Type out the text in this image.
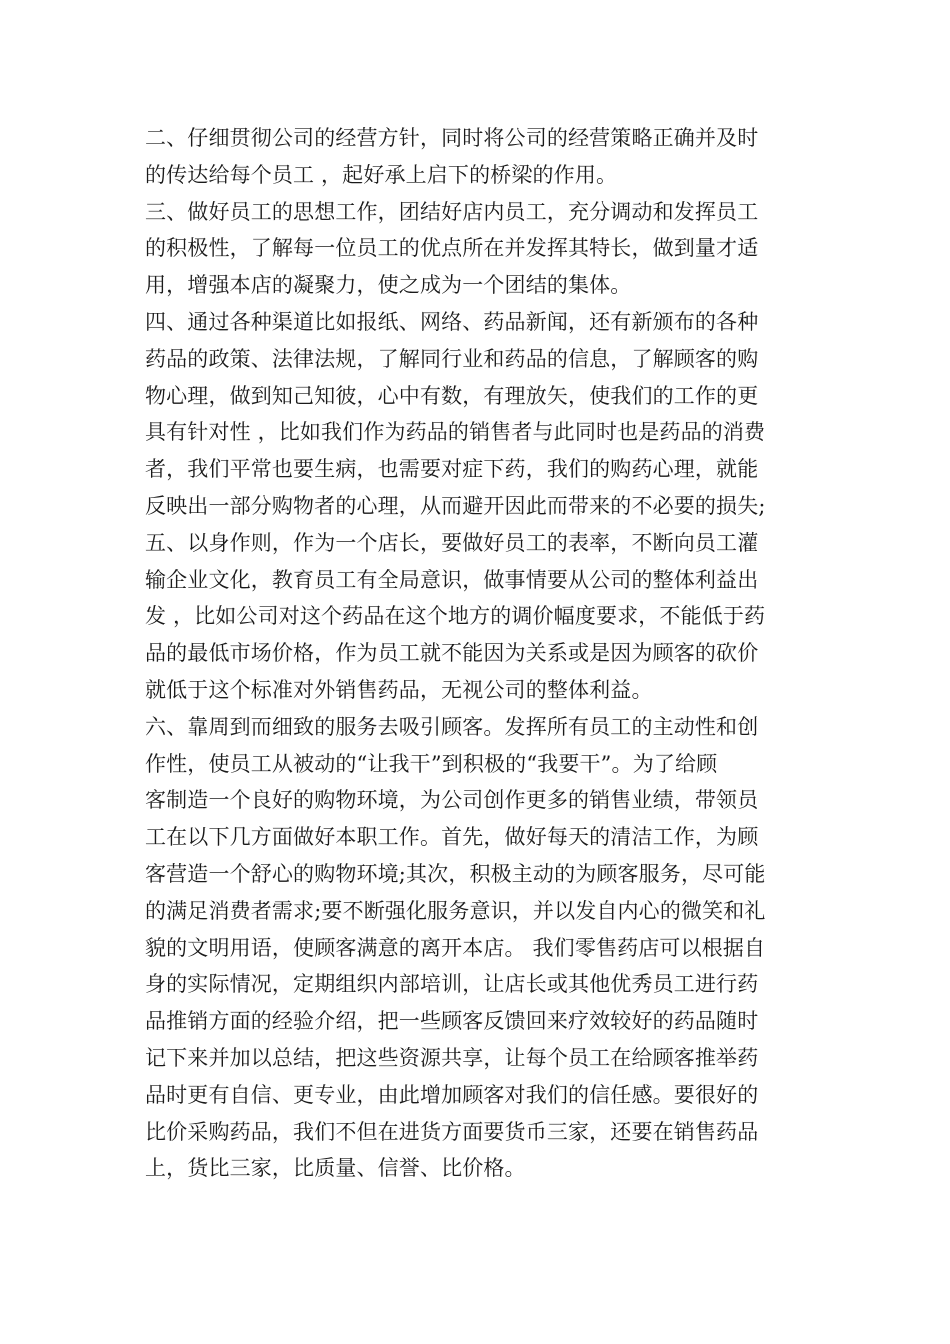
二、仔细贯彻公司的经营方针，同时将公司的经营策略正确并及时
的传达给每个员工 ，起好承上启下的桥梁的作用。
三、做好员工的思想工作，团结好店内员工，充分调动和发挥员工
的积极性，了解每一位员工的优点所在并发挥其特长，做到量才适
用，增强本店的凝聚力，使之成为一个团结的集体。
四、通过各种渠道比如报纸、网络、药品新闻，还有新颁布的各种
药品的政策、法律法规，了解同行业和药品的信息，了解顾客的购
物心理，做到知己知彼，心中有数，有理放矢，使我们的工作的更
具有针对性 ，比如我们作为药品的销售者与此同时也是药品的消费
者，我们平常也要生病，也需要对症下药，我们的购药心理，就能
反映出一部分购物者的心理，从而避开因此而带来的不必要的损失;
五、以身作则，作为一个店长，要做好员工的表率，不断向员工灌
输企业文化，教育员工有全局意识，做事情要从公司的整体利益出
发 ，比如公司对这个药品在这个地方的调价幅度要求，不能低于药
品的最低市场价格，作为员工就不能因为关系或是因为顾客的砍价
就低于这个标准对外销售药品，无视公司的整体利益。
六、靠周到而细致的服务去吸引顾客。发挥所有员工的主动性和创
作性，使员工从被动的“让我干”到积极的“我要干”。为了给顾
客制造一个良好的购物环境，为公司创作更多的销售业绩，带领员
工在以下几方面做好本职工作。首先，做好每天的清洁工作，为顾
客营造一个舒心的购物环境;其次，积极主动的为顾客服务，尽可能
的满足消费者需求;要不断强化服务意识，并以发自内心的微笑和礼
貌的文明用语，使顾客满意的离开本店。 我们零售药店可以根据自
身的实际情况，定期组织内部培训，让店长或其他优秀员工进行药
品推销方面的经验介绍，把一些顾客反馈回来疗效较好的药品随时
记下来并加以总结，把这些资源共享，让每个员工在给顾客推举药
品时更有自信、更专业，由此增加顾客对我们的信任感。要很好的
比价采购药品，我们不但在进货方面要货币三家，还要在销售药品
上，货比三家，比质量、信誉、比价格。
